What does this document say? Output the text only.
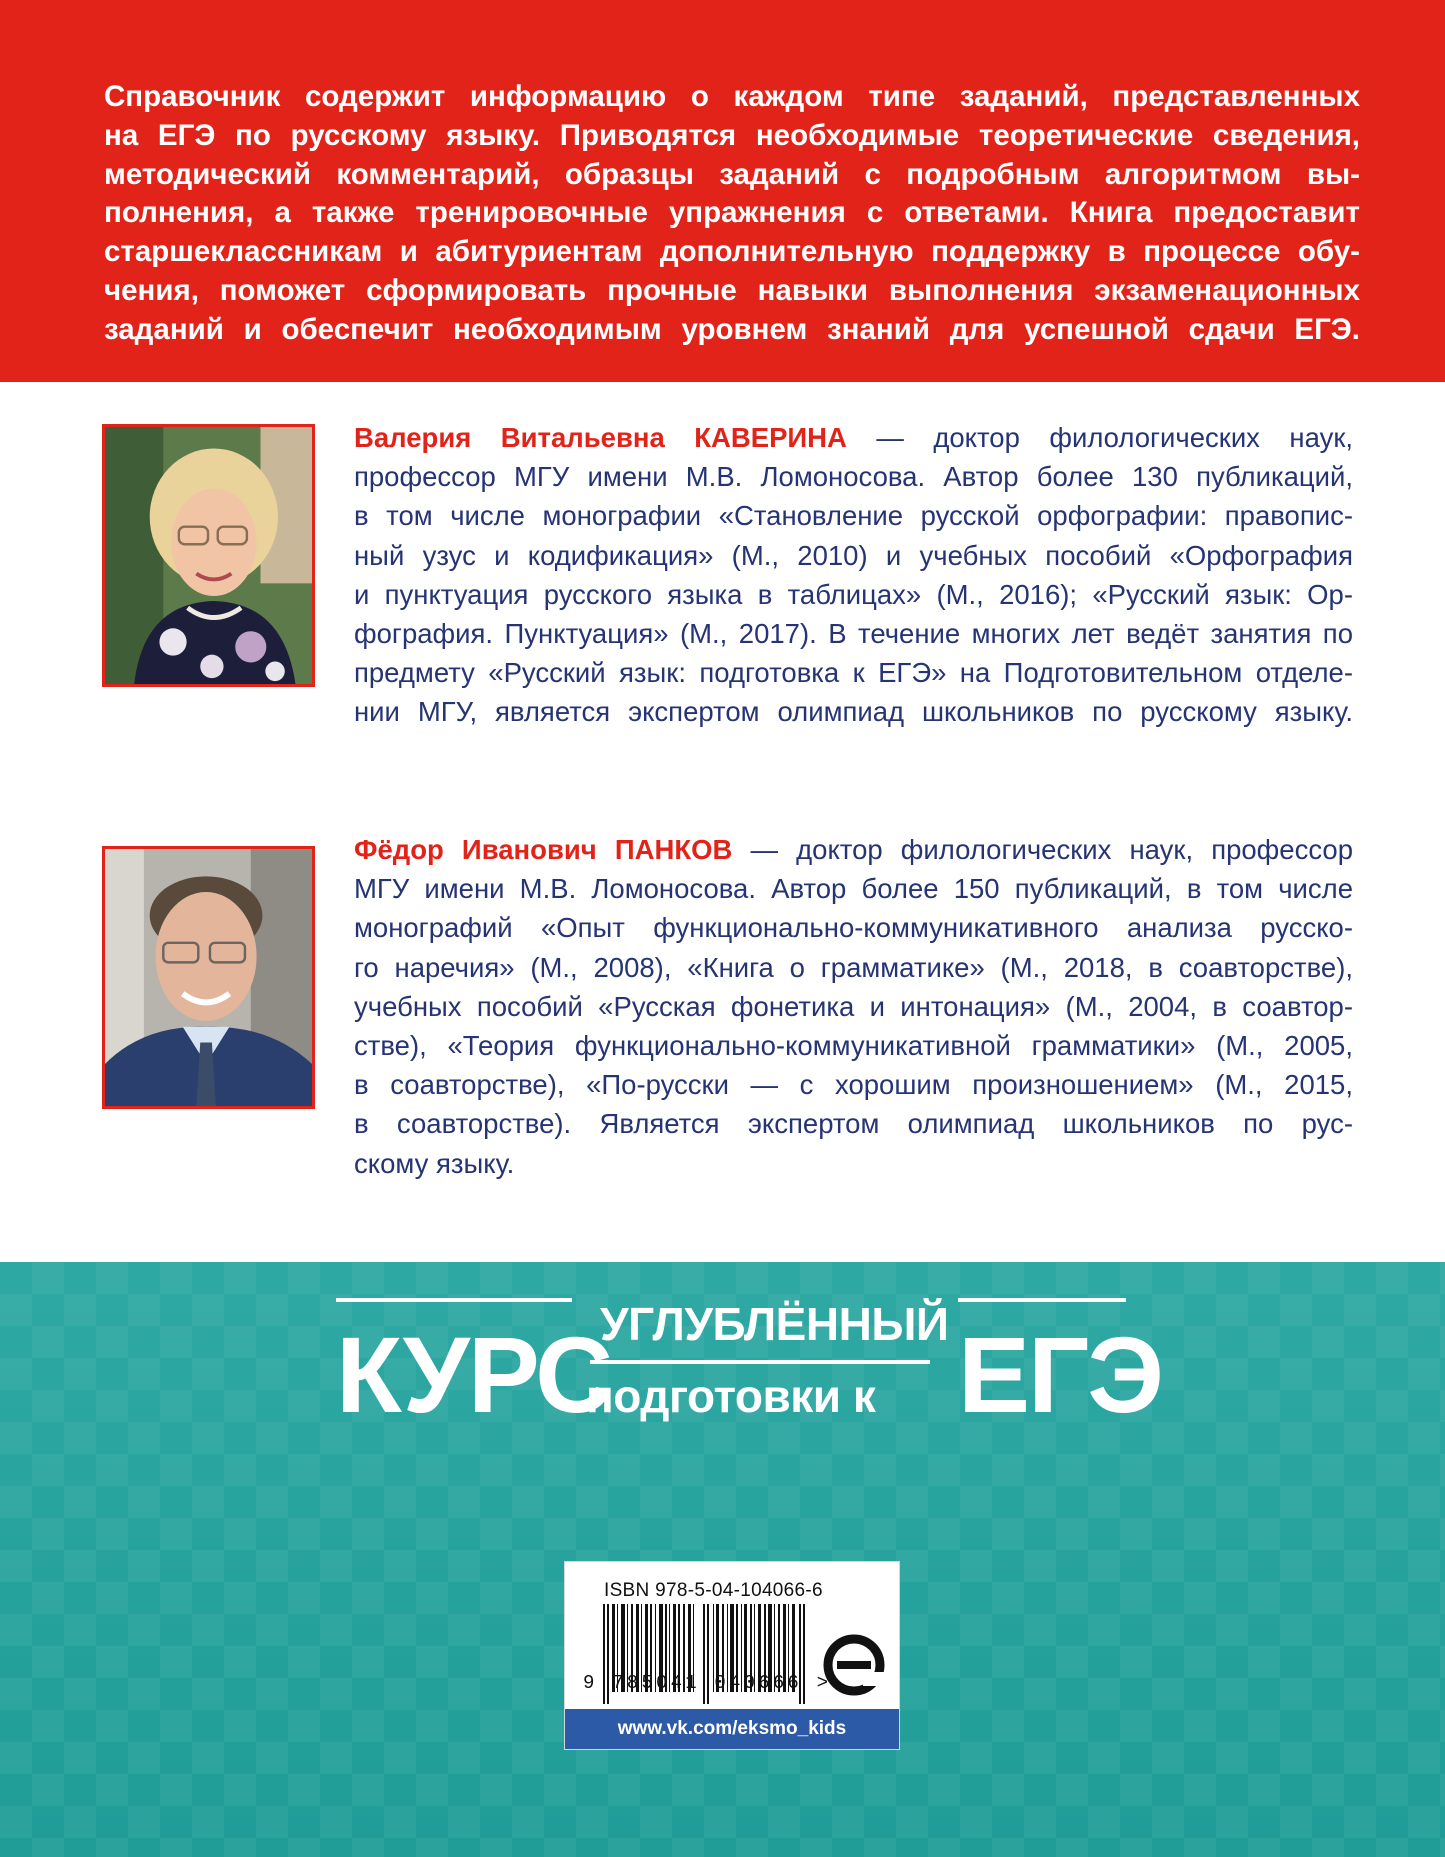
Справочник содержит информацию о каждом типе заданий, представленных
на ЕГЭ по русскому языку. Приводятся необходимые теоретические сведения,
методический комментарий, образцы заданий с подробным алгоритмом вы-
полнения, а также тренировочные упражнения с ответами. Книга предоставит
старшеклассникам и абитуриентам дополнительную поддержку в процессе обу-
чения, поможет сформировать прочные навыки выполнения экзаменационных
заданий и обеспечит необходимым уровнем знаний для успешной сдачи ЕГЭ.
Валерия Витальевна КАВЕРИНА — доктор филологических наук,
профессор МГУ имени М.В. Ломоносова. Автор более 130 публикаций,
в том числе монографии «Становление русской орфографии: правопис-
ный узус и кодификация» (М., 2010) и учебных пособий «Орфография
и пунктуация русского языка в таблицах» (М., 2016); «Русский язык: Ор-
фография. Пунктуация» (М., 2017). В течение многих лет ведёт занятия по
предмету «Русский язык: подготовка к ЕГЭ» на Подготовительном отделе-
нии МГУ, является экспертом олимпиад школьников по русскому языку.
Фёдор Иванович ПАНКОВ — доктор филологических наук, профессор
МГУ имени М.В. Ломоносова. Автор более 150 публикаций, в том числе
монографий «Опыт функционально-коммуникативного анализа русско-
го наречия» (М., 2008), «Книга о грамматике» (М., 2018, в соавторстве),
учебных пособий «Русская фонетика и интонация» (М., 2004, в соавтор-
стве), «Теория функционально-коммуникативной грамматики» (М., 2005,
в соавторстве), «По-русски — с хорошим произношением» (М., 2015,
в соавторстве). Является экспертом олимпиад школьников по рус-
скому языку.
КУРС
УГЛУБЛЁННЫЙ
подготовки к ЕГЭ
ISBN 978-5-04-104066-6
9 785041 040666 >
www.vk.com/eksmo_kids
